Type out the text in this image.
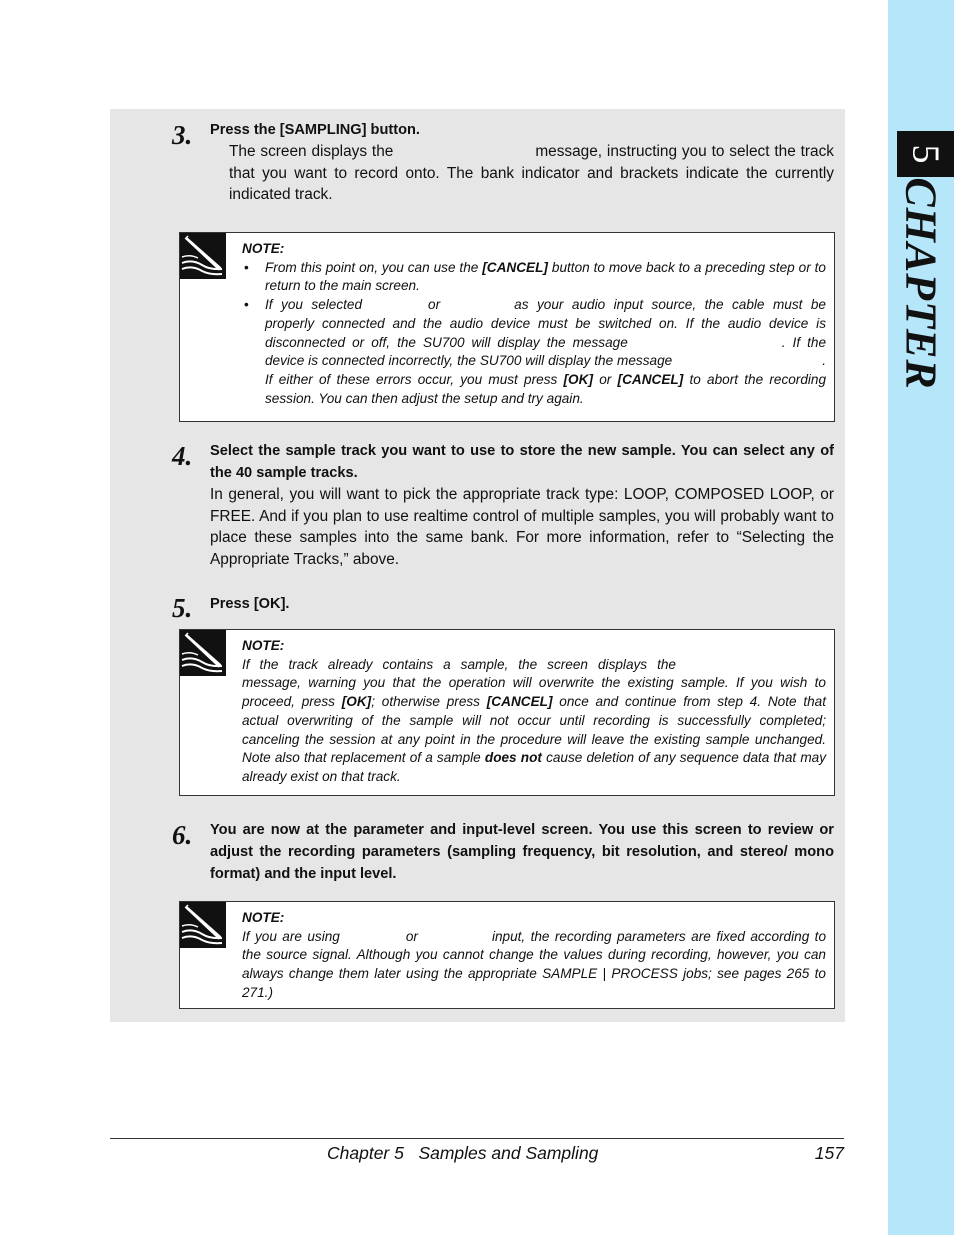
5
CHAPTER
3. Press the [SAMPLING] button.
The screen displays the	message, instructing you to select the track that you want to record onto. The bank indicator and brackets indicate the currently indicated track.
NOTE:
•	From this point on, you can use the [CANCEL] button to move back to a preceding step or to return to the main screen.
•	If you selected	or	as your audio input source, the cable must be properly connected and the audio device must be switched on. If the audio device is disconnected or off, the SU700 will display the message	. If the device is connected incorrectly, the SU700 will display the message	. If either of these errors occur, you must press [OK] or [CANCEL] to abort the recording session. You can then adjust the setup and try again.
4. Select the sample track you want to use to store the new sample. You can select any of the 40 sample tracks.
In general, you will want to pick the appropriate track type: LOOP, COMPOSED LOOP, or FREE. And if you plan to use realtime control of multiple samples, you will probably want to place these samples into the same bank. For more information, refer to “Selecting the Appropriate Tracks,” above.
5. Press [OK].
NOTE:
If the track already contains a sample, the screen displays the message, warning you that the operation will overwrite the existing sample. If you wish to proceed, press [OK]; otherwise press [CANCEL] once and continue from step 4. Note that actual overwriting of the sample will not occur until recording is successfully completed; canceling the session at any point in the procedure will leave the existing sample unchanged. Note also that replacement of a sample does not cause deletion of any sequence data that may already exist on that track.
6. You are now at the parameter and input-level screen. You use this screen to review or adjust the recording parameters (sampling frequency, bit resolution, and stereo/ mono format) and the input level.
NOTE:
If you are using	or	input, the recording parameters are fixed according to the source signal. Although you cannot change the values during recording, however, you can always change them later using the appropriate SAMPLE | PROCESS jobs; see pages 265 to 271.)
Chapter 5   Samples and Sampling	157
